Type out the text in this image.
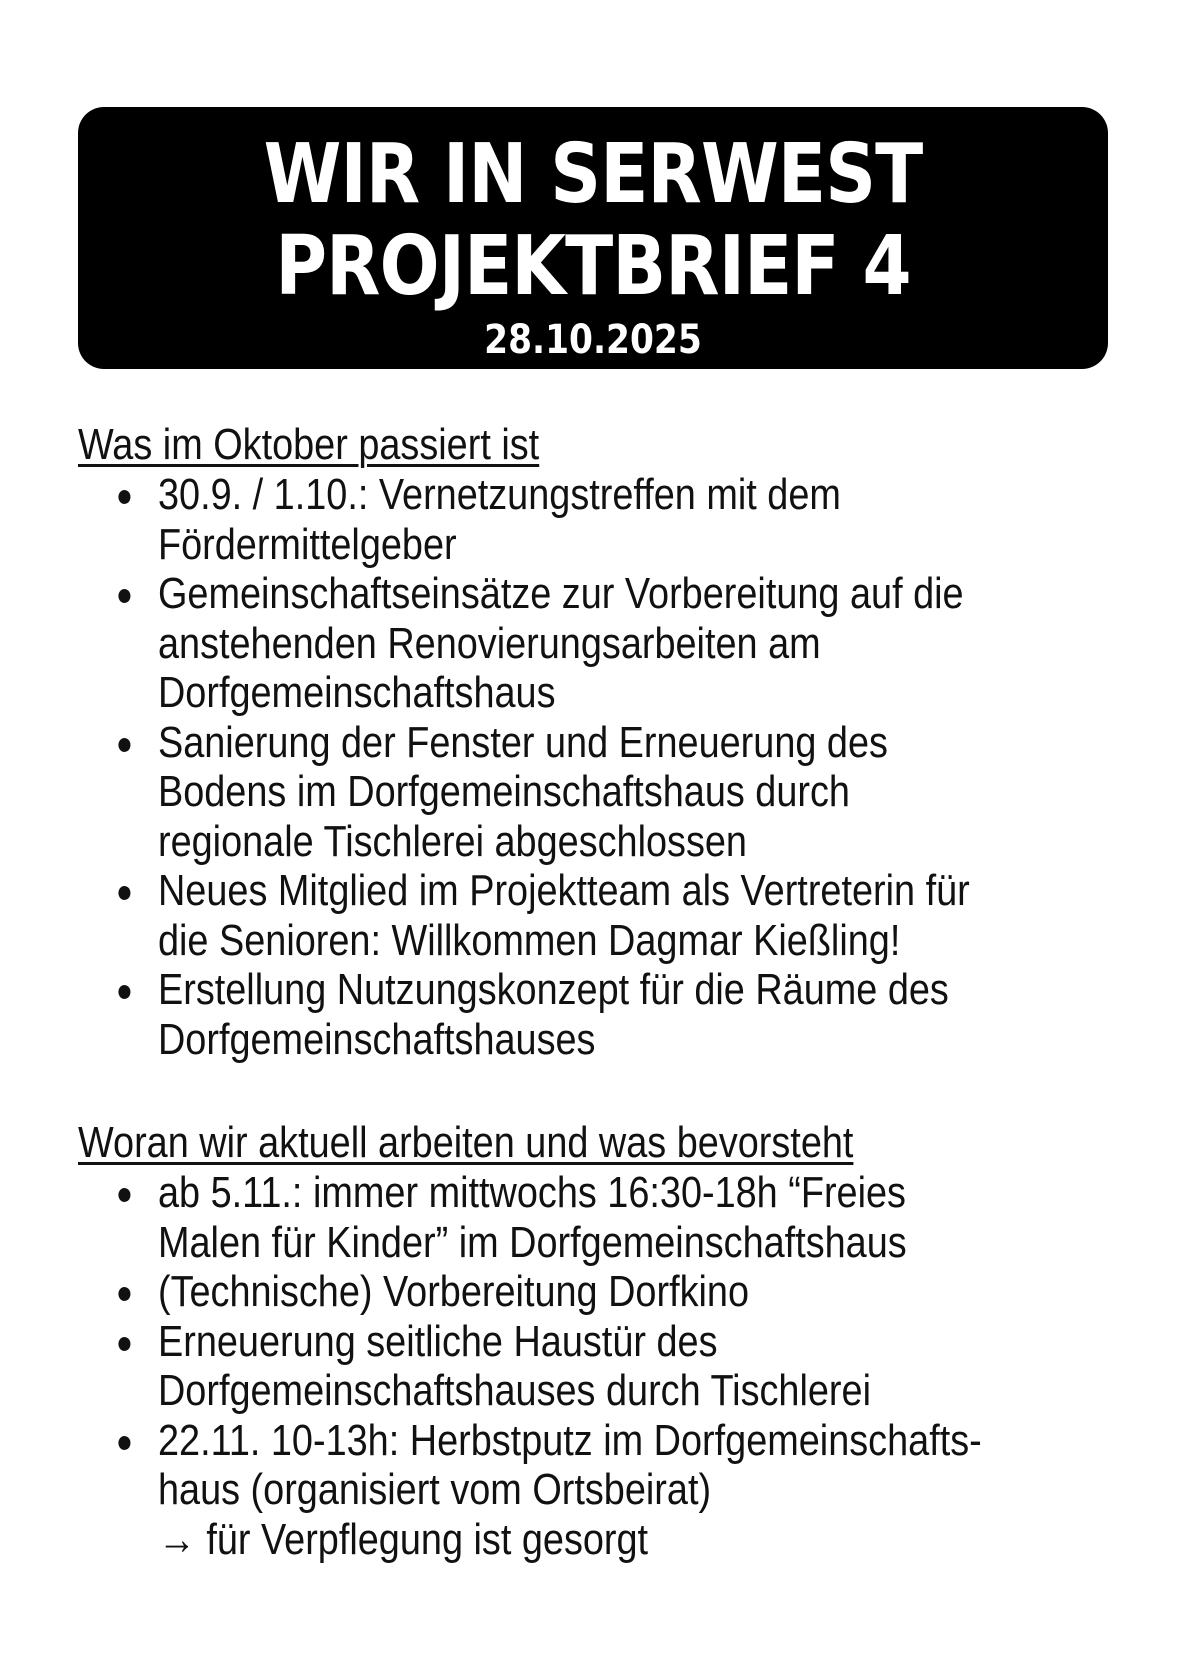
WIR IN SERWEST
PROJEKTBRIEF 4
28.10.2025

Was im Oktober passiert ist

30.9. / 1.10.: Vernetzungstreffen mit dem
Fördermittelgeber
Gemeinschaftseinsätze zur Vorbereitung auf die
anstehenden Renovierungsarbeiten am
Dorfgemeinschaftshaus
Sanierung der Fenster und Erneuerung des
Bodens im Dorfgemeinschaftshaus durch
regionale Tischlerei abgeschlossen
Neues Mitglied im Projektteam als Vertreterin für
die Senioren: Willkommen Dagmar Kießling!
Erstellung Nutzungskonzept für die Räume des
Dorfgemeinschaftshauses

Woran wir aktuell arbeiten und was bevorsteht

ab 5.11.: immer mittwochs 16:30-18h “Freies
Malen für Kinder” im Dorfgemeinschaftshaus
(Technische) Vorbereitung Dorfkino
Erneuerung seitliche Haustür des
Dorfgemeinschaftshauses durch Tischlerei
22.11. 10-13h: Herbstputz im Dorfgemeinschafts-
haus (organisiert vom Ortsbeirat)
→ für Verpflegung ist gesorgt
